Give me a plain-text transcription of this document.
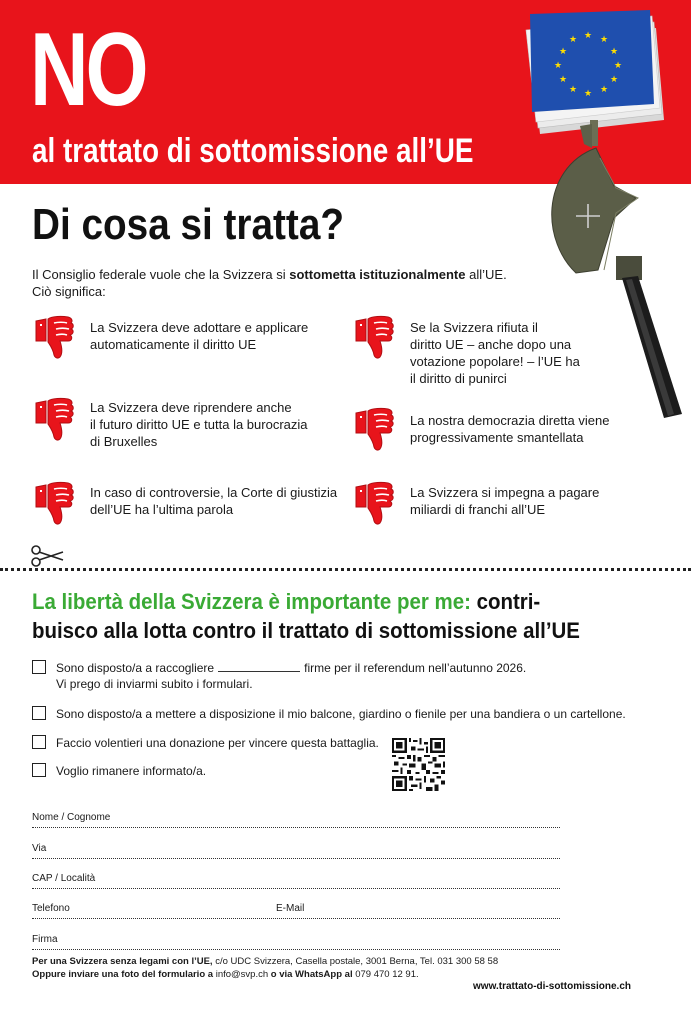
NO
al trattato di sottomissione all’UE
★ ★
★
★
★
★
★
★
★
★
★
★
Di cosa si tratta?
Il Consiglio federale vuole che la Svizzera si sottometta istituzionalmente all’UE.
Ciò significa:
La Svizzera deve adottare e applicare
automaticamente il diritto UE
La Svizzera deve riprendere anche
il futuro diritto UE e tutta la burocrazia
di Bruxelles
In caso di controversie, la Corte di giustizia
dell’UE ha l’ultima parola
Se la Svizzera rifiuta il
diritto UE – anche dopo una
votazione popolare! – l’UE ha
il diritto di punirci
La nostra democrazia diretta viene
progressivamente smantellata
La Svizzera si impegna a pagare
miliardi di franchi all’UE
La libertà della Svizzera è importante per me: contri-
buisco alla lotta contro il trattato di sottomissione all’UE
Sono disposto/a a raccogliere	firme per il referendum nell’autunno 2026.
Vi prego di inviarmi subito i formulari.
Sono disposto/a a mettere a disposizione il mio balcone, giardino o fienile per una bandiera o un cartellone.
Faccio volentieri una donazione per vincere questa battaglia.
Voglio rimanere informato/a.
Nome / Cognome
Via
CAP / Località
Telefono	E-Mail
Firma
Per una Svizzera senza legami con l’UE, c/o UDC Svizzera, Casella postale, 3001 Berna, Tel. 031 300 58 58
Oppure inviare una foto del formulario a info@svp.ch o via WhatsApp al 079 470 12 91.
www.trattato-di-sottomissione.ch
